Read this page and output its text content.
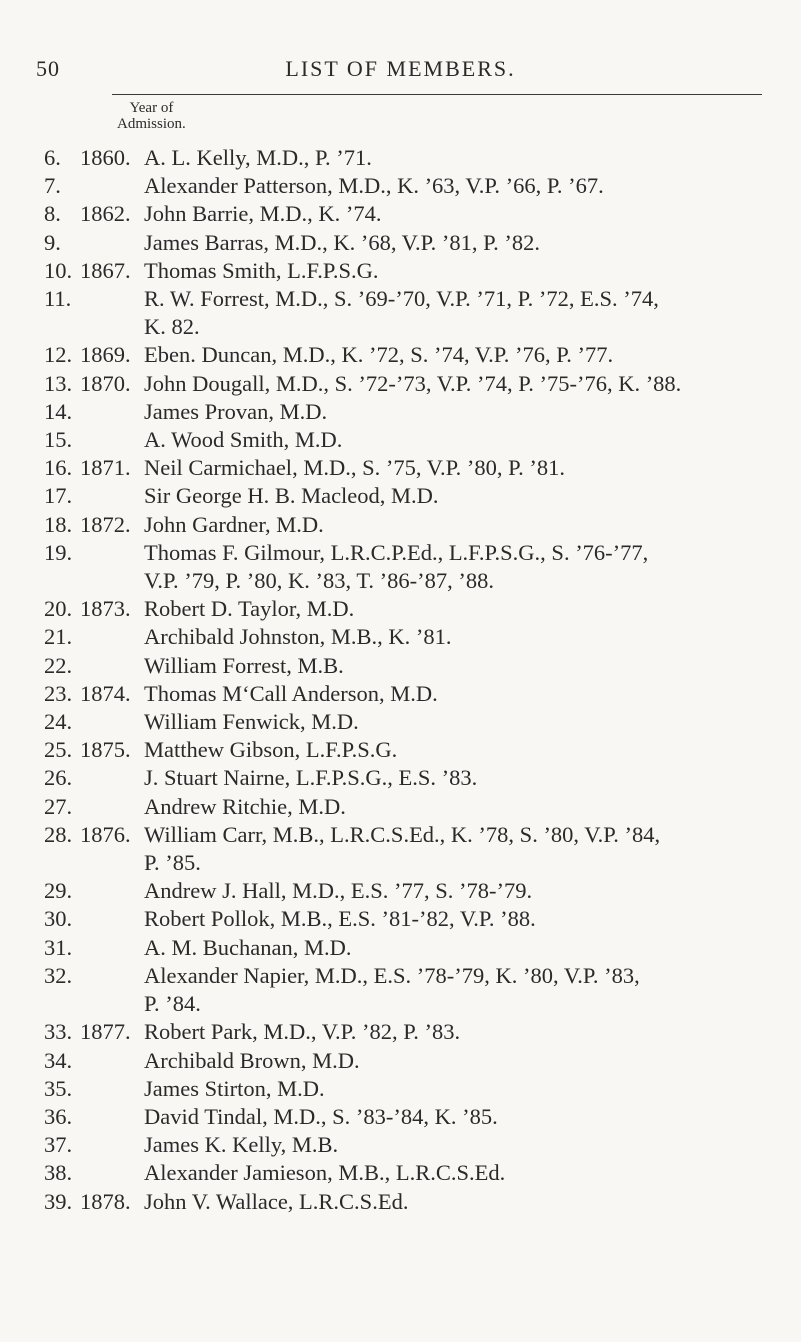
50	LIST OF MEMBERS.
Year of
Admission.
6. 1860. A. L. Kelly, M.D., P. ’71.
7.	Alexander Patterson, M.D., K. ’63, V.P. ’66, P. ’67.
8. 1862. John Barrie, M.D., K. ’74.
9.	James Barras, M.D., K. ’68, V.P. ’81, P. ’82.
10. 1867. Thomas Smith, L.F.P.S.G.
11.	R. W. Forrest, M.D., S. ’69-’70, V.P. ’71, P. ’72, E.S. ’74,
K. 82.
12. 1869. Eben. Duncan, M.D., K. ’72, S. ’74, V.P. ’76, P. ’77.
13. 1870. John Dougall, M.D., S. ’72-’73, V.P. ’74, P. ’75-’76, K. ’88.
14.	James Provan, M.D.
15.	A. Wood Smith, M.D.
16. 1871. Neil Carmichael, M.D., S. ’75, V.P. ’80, P. ’81.
17.	Sir George H. B. Macleod, M.D.
18. 1872. John Gardner, M.D.
19.	Thomas F. Gilmour, L.R.C.P.Ed., L.F.P.S.G., S. ’76-’77,
V.P. ’79, P. ’80, K. ’83, T. ’86-’87, ’88.
20. 1873. Robert D. Taylor, M.D.
21.	Archibald Johnston, M.B., K. ’81.
22.	William Forrest, M.B.
23. 1874. Thomas M‘Call Anderson, M.D.
24.	William Fenwick, M.D.
25. 1875. Matthew Gibson, L.F.P.S.G.
26.	J. Stuart Nairne, L.F.P.S.G., E.S. ’83.
27.	Andrew Ritchie, M.D.
28. 1876. William Carr, M.B., L.R.C.S.Ed., K. ’78, S. ’80, V.P. ’84,
P. ’85.
29.	Andrew J. Hall, M.D., E.S. ’77, S. ’78-’79.
30.	Robert Pollok, M.B., E.S. ’81-’82, V.P. ’88.
31.	A. M. Buchanan, M.D.
32.	Alexander Napier, M.D., E.S. ’78-’79, K. ’80, V.P. ’83,
P. ’84.
33. 1877. Robert Park, M.D., V.P. ’82, P. ’83.
34.	Archibald Brown, M.D.
35.	James Stirton, M.D.
36.	David Tindal, M.D., S. ’83-’84, K. ’85.
37.	James K. Kelly, M.B.
38.	Alexander Jamieson, M.B., L.R.C.S.Ed.
39. 1878. John V. Wallace, L.R.C.S.Ed.
